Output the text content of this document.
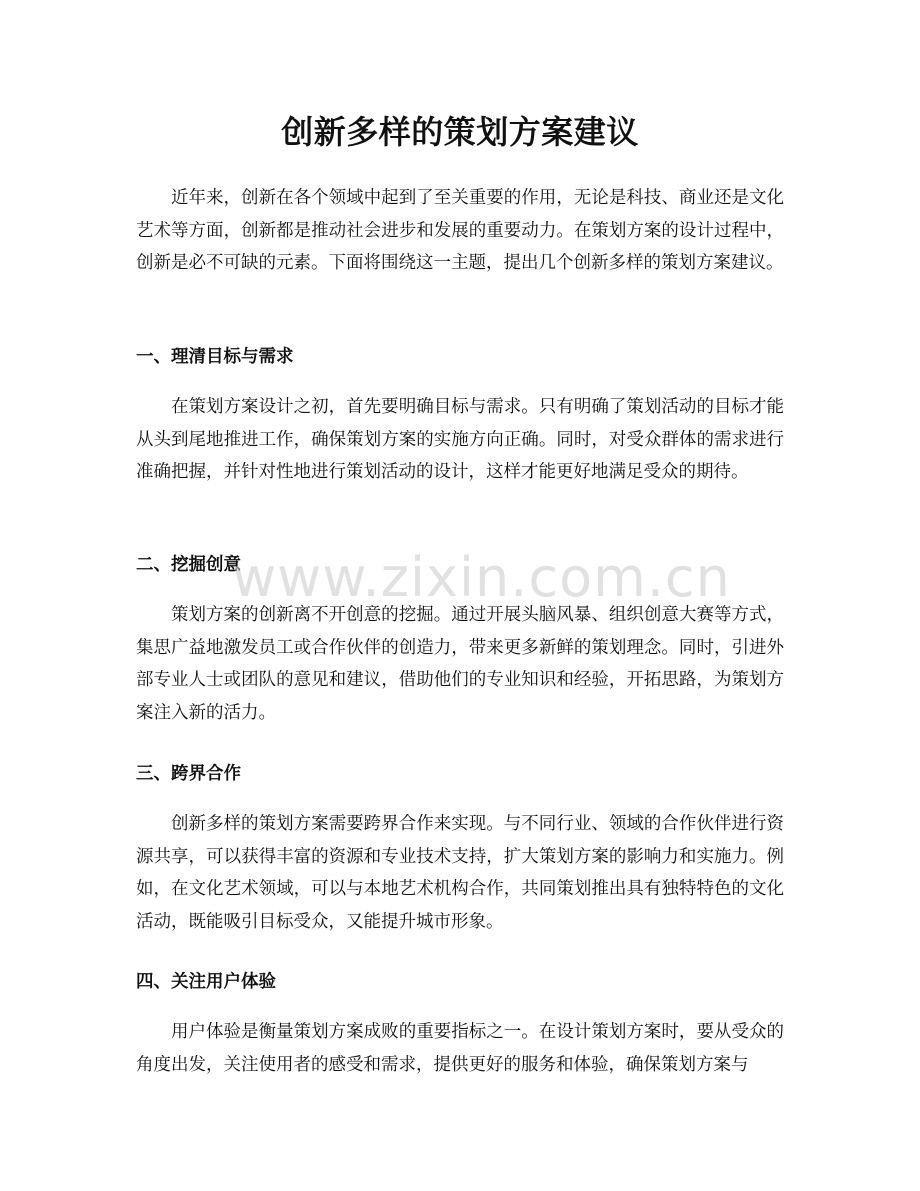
创新多样的策划方案建议

近年来，创新在各个领域中起到了至关重要的作用，无论是科技、商业还是文化艺术等方面，创新都是推动社会进步和发展的重要动力。在策划方案的设计过程中，创新是必不可缺的元素。下面将围绕这一主题，提出几个创新多样的策划方案建议。

一、理清目标与需求

在策划方案设计之初，首先要明确目标与需求。只有明确了策划活动的目标才能从头到尾地推进工作，确保策划方案的实施方向正确。同时，对受众群体的需求进行准确把握，并针对性地进行策划活动的设计，这样才能更好地满足受众的期待。

二、挖掘创意

策划方案的创新离不开创意的挖掘。通过开展头脑风暴、组织创意大赛等方式，集思广益地激发员工或合作伙伴的创造力，带来更多新鲜的策划理念。同时，引进外部专业人士或团队的意见和建议，借助他们的专业知识和经验，开拓思路，为策划方案注入新的活力。

三、跨界合作

创新多样的策划方案需要跨界合作来实现。与不同行业、领域的合作伙伴进行资源共享，可以获得丰富的资源和专业技术支持，扩大策划方案的影响力和实施力。例如，在文化艺术领域，可以与本地艺术机构合作，共同策划推出具有独特特色的文化活动，既能吸引目标受众，又能提升城市形象。

四、关注用户体验

用户体验是衡量策划方案成败的重要指标之一。在设计策划方案时，要从受众的角度出发，关注使用者的感受和需求，提供更好的服务和体验，确保策划方案与

www.zixin.com.cn
